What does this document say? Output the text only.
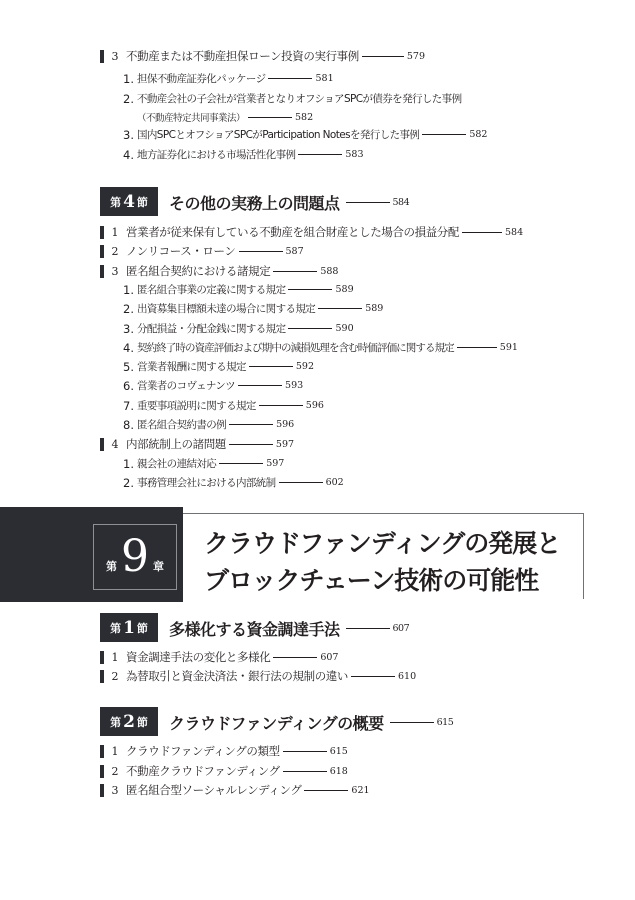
3 不動産または不動産担保ローン投資の実行事例	579
1. 担保不動産証券化パッケージ	581
2. 不動産会社の子会社が営業者となりオフショアSPCが債券を発行した事例
（不動産特定共同事業法）	582
3. 国内SPCとオフショアSPCがParticipation Notesを発行した事例	582
4. 地方証券化における市場活性化事例	583
第 4 節 その他の実務上の問題点	584
1 営業者が従来保有している不動産を組合財産とした場合の損益分配	584
2 ノンリコース・ローン	587
3 匿名組合契約における諸規定	588
1. 匿名組合事業の定義に関する規定	589
2. 出資募集目標額未達の場合に関する規定	589
3. 分配損益・分配金銭に関する規定	590
4. 契約終了時の資産評価および期中の減損処理を含む時価評価に関する規定	591
5. 営業者報酬に関する規定	592
6. 営業者のコヴェナンツ	593
7. 重要事項説明に関する規定	596
8. 匿名組合契約書の例	596
4 内部統制上の諸問題	597
1. 親会社の連結対応	597
2. 事務管理会社における内部統制	602
第 9 章
クラウドファンディングの発展と
ブロックチェーン技術の可能性
第 1 節 多様化する資金調達手法	607
1 資金調達手法の変化と多様化	607
2 為替取引と資金決済法・銀行法の規制の違い	610
第 2 節 クラウドファンディングの概要	615
1 クラウドファンディングの類型	615
2 不動産クラウドファンディング	618
3 匿名組合型ソーシャルレンディング	621
